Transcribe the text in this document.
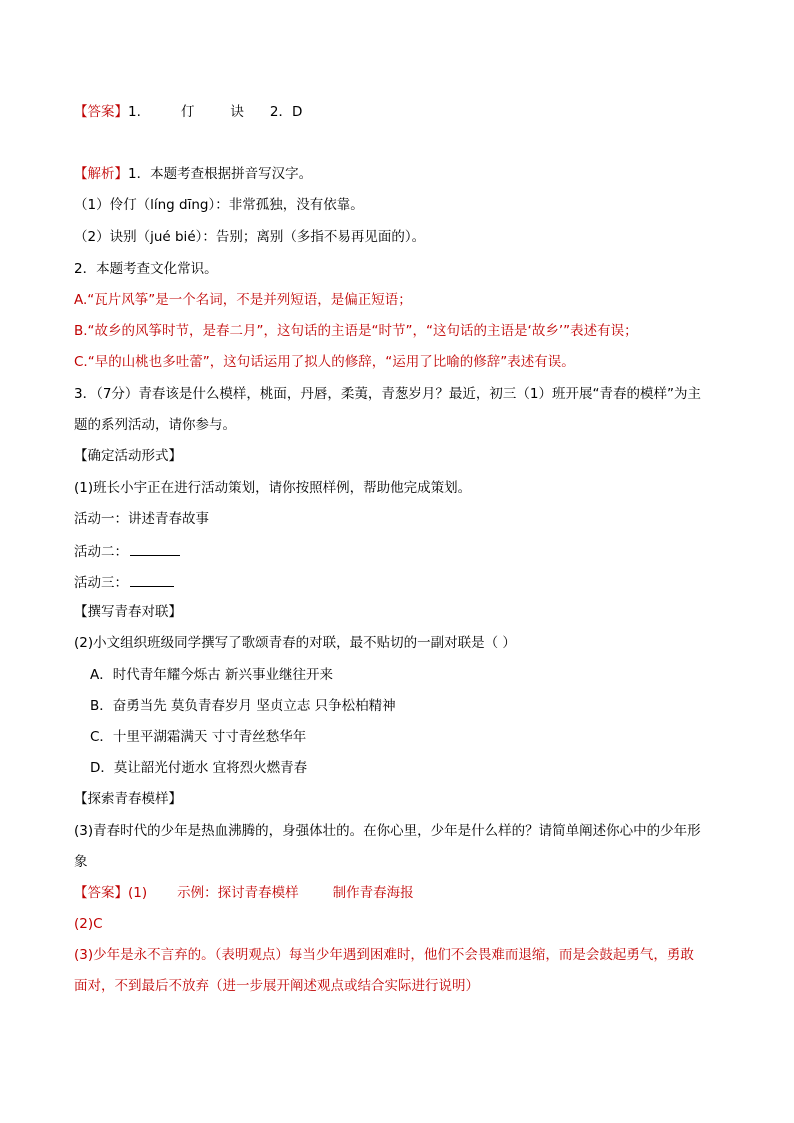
【答案】1.	仃	诀 2．D
【解析】1．本题考查根据拼音写汉字。
（1）伶仃（líng dīng）：非常孤独，没有依靠。
（2）诀别（jué bié）：告别；离别（多指不易再见面的）。
2．本题考查文化常识。
A.“瓦片风筝”是一个名词，不是并列短语，是偏正短语；
B.“故乡的风筝时节，是春二月”，这句话的主语是“时节”，“这句话的主语是‘故乡’”表述有误；
C.“早的山桃也多吐蕾”，这句话运用了拟人的修辞，“运用了比喻的修辞”表述有误。
3．（7分）青春该是什么模样，桃面，丹唇，柔荑，青葱岁月？最近，初三（1）班开展“青春的模样”为主
题的系列活动，请你参与。
【确定活动形式】
(1)班长小宇正在进行活动策划，请你按照样例，帮助他完成策划。
活动一：讲述青春故事
活动二：
活动三：
【撰写青春对联】
(2)小文组织班级同学撰写了歌颂青春的对联，最不贴切的一副对联是（ ）
A．时代青年耀今烁古 新兴事业继往开来
B．奋勇当先 莫负青春岁月 坚贞立志 只争松柏精神
C．十里平湖霜满天 寸寸青丝愁华年
D．莫让韶光付逝水 宜将烈火燃青春
【探索青春模样】
(3)青春时代的少年是热血沸腾的，身强体壮的。在你心里，少年是什么样的？请简单阐述你心中的少年形
象
【答案】(1) 示例：探讨青春模样	制作青春海报
(2)C
(3)少年是永不言弃的。（表明观点）每当少年遇到困难时，他们不会畏难而退缩，而是会鼓起勇气，勇敢
面对，不到最后不放弃（进一步展开阐述观点或结合实际进行说明）
